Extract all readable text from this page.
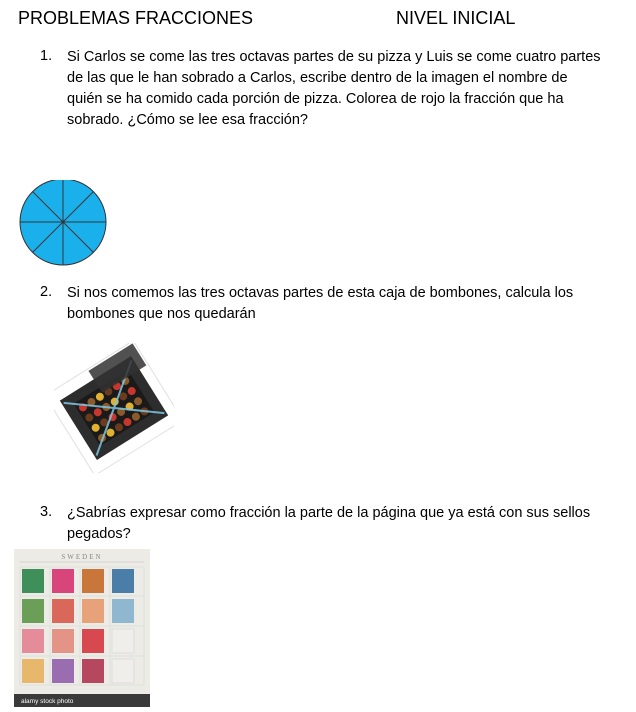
PROBLEMAS FRACCIONES	NIVEL INICIAL
1. Si Carlos se come las tres octavas partes de su pizza y Luis se come cuatro partes de las que le han sobrado a Carlos, escribe dentro de la imagen el nombre de quién se ha comido cada porción de pizza. Colorea de rojo la fracción que ha sobrado. ¿Cómo se lee esa fracción?
2. Si nos comemos las tres octavas partes de esta caja de bombones, calcula los bombones que nos quedarán
3. ¿Sabrías expresar como fracción la parte de la página que ya está con sus sellos pegados?
SWEDEN
alamy stock photo
